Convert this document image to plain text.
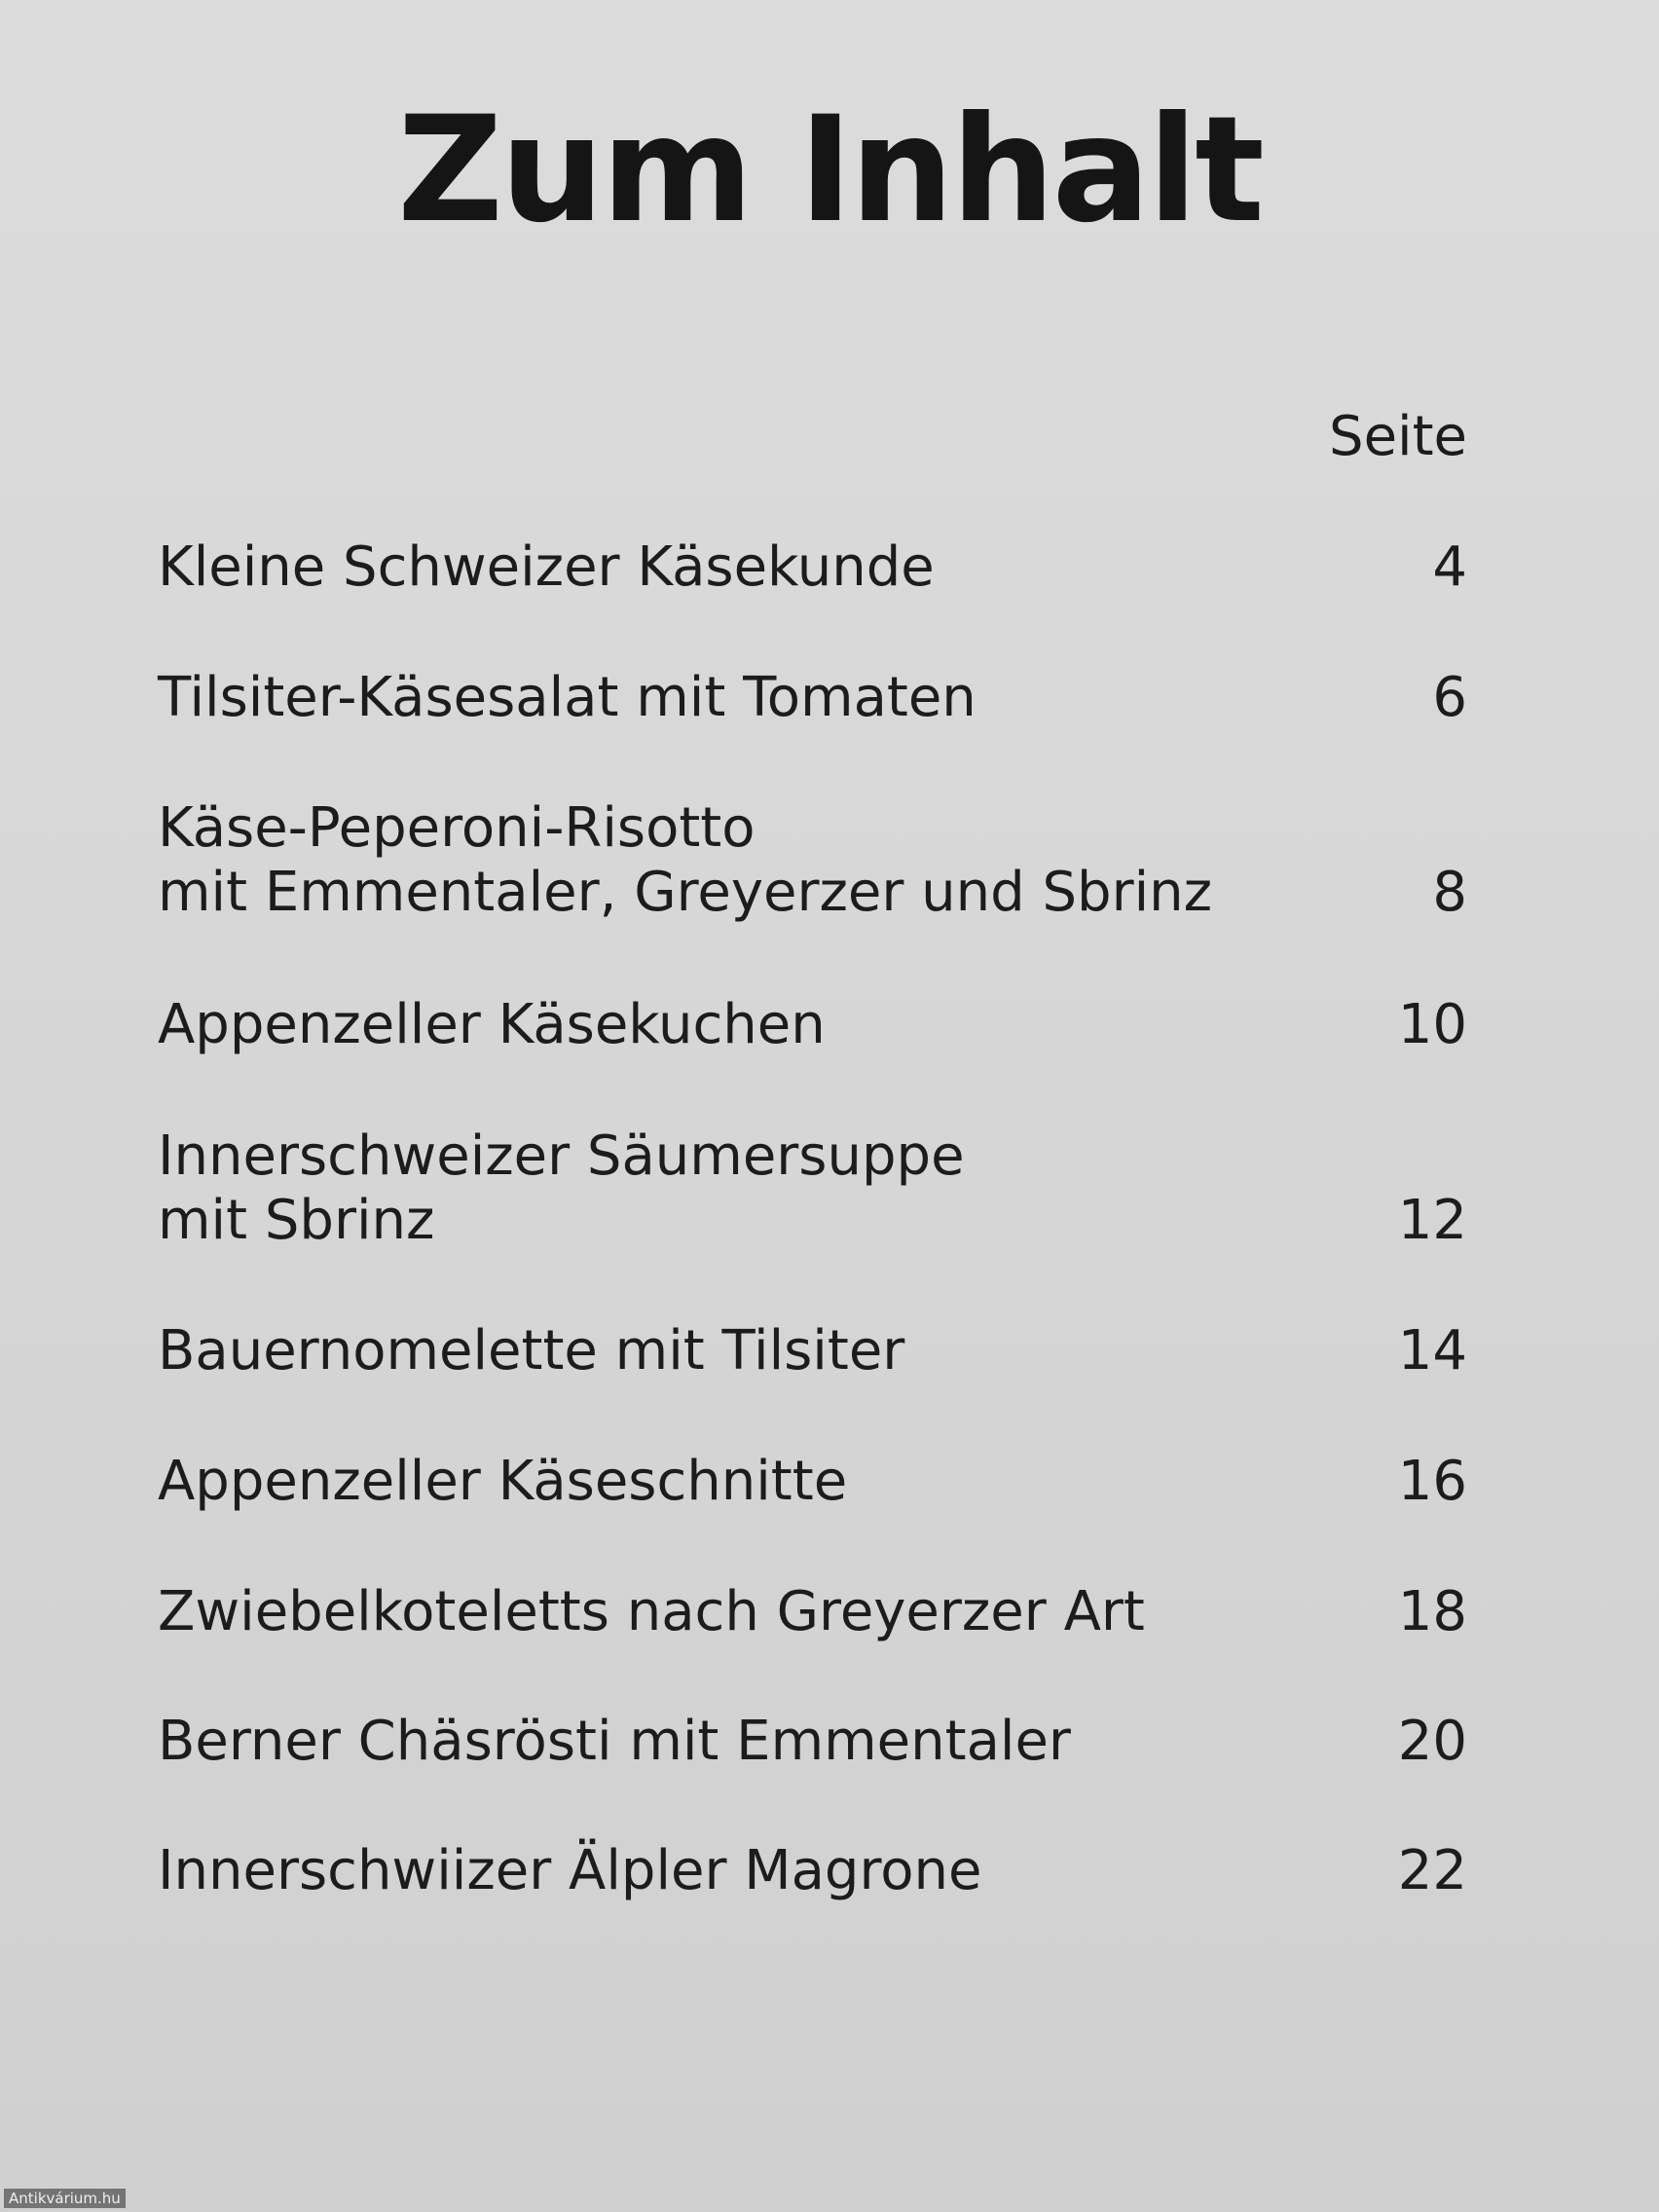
Zum Inhalt
Seite
Kleine Schweizer Käsekunde	4
Tilsiter-Käsesalat mit Tomaten	6
Käse-Peperoni-Risotto
mit Emmentaler, Greyerzer und Sbrinz	8
Appenzeller Käsekuchen	10
Innerschweizer Säumersuppe
mit Sbrinz	12
Bauernomelette mit Tilsiter	14
Appenzeller Käseschnitte	16
Zwiebelkoteletts nach Greyerzer Art	18
Berner Chäsrösti mit Emmentaler	20
Innerschwiizer Älpler Magrone	22
Antikvárium.hu
